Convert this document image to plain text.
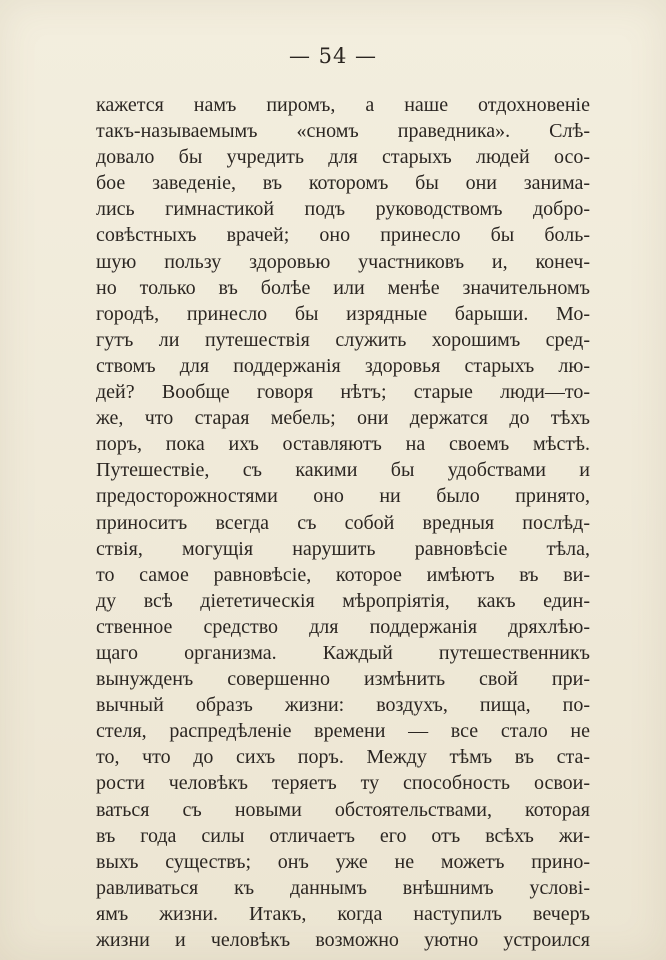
— 54 —
кажется намъ пиромъ, а наше отдохновенiе
такъ-называемымъ «сномъ праведника». Слѣ-
довало бы учредить для старыхъ людей осо-
бое заведенiе, въ которомъ бы они занима-
лись гимнастикой подъ руководствомъ добро-
совѣстныхъ врачей; оно принесло бы боль-
шую пользу здоровью участниковъ и, конеч-
но только въ болѣе или менѣе значительномъ
городѣ, принесло бы изрядные барыши. Мо-
гутъ ли путешествiя служить хорошимъ сред-
ствомъ для поддержанiя здоровья старыхъ лю-
дей? Вообще говоря нѣтъ; старые люди—то-
же, что старая мебель; они держатся до тѣхъ
поръ, пока ихъ оставляютъ на своемъ мѣстѣ.
Путешествiе, съ какими бы удобствами и
предосторожностями оно ни было принято,
приноситъ всегда съ собой вредныя послѣд-
ствiя, могущiя нарушить равновѣсiе тѣла,
то самое равновѣсiе, которое имѣютъ въ ви-
ду всѣ дiететическiя мѣропрiятiя, какъ един-
ственное средство для поддержанiя дряхлѣю-
щаго организма. Каждый путешественникъ
вынужденъ совершенно измѣнить свой при-
вычный образъ жизни: воздухъ, пища, по-
стеля, распредѣленiе времени — все стало не
то, что до сихъ поръ. Между тѣмъ въ ста-
рости человѣкъ теряетъ ту способность освои-
ваться съ новыми обстоятельствами, которая
въ года силы отличаетъ его отъ всѣхъ жи-
выхъ существъ; онъ уже не можетъ прино-
равливаться къ даннымъ внѣшнимъ условi-
ямъ жизни. Итакъ, когда наступилъ вечеръ
жизни и человѣкъ возможно уютно устроился
